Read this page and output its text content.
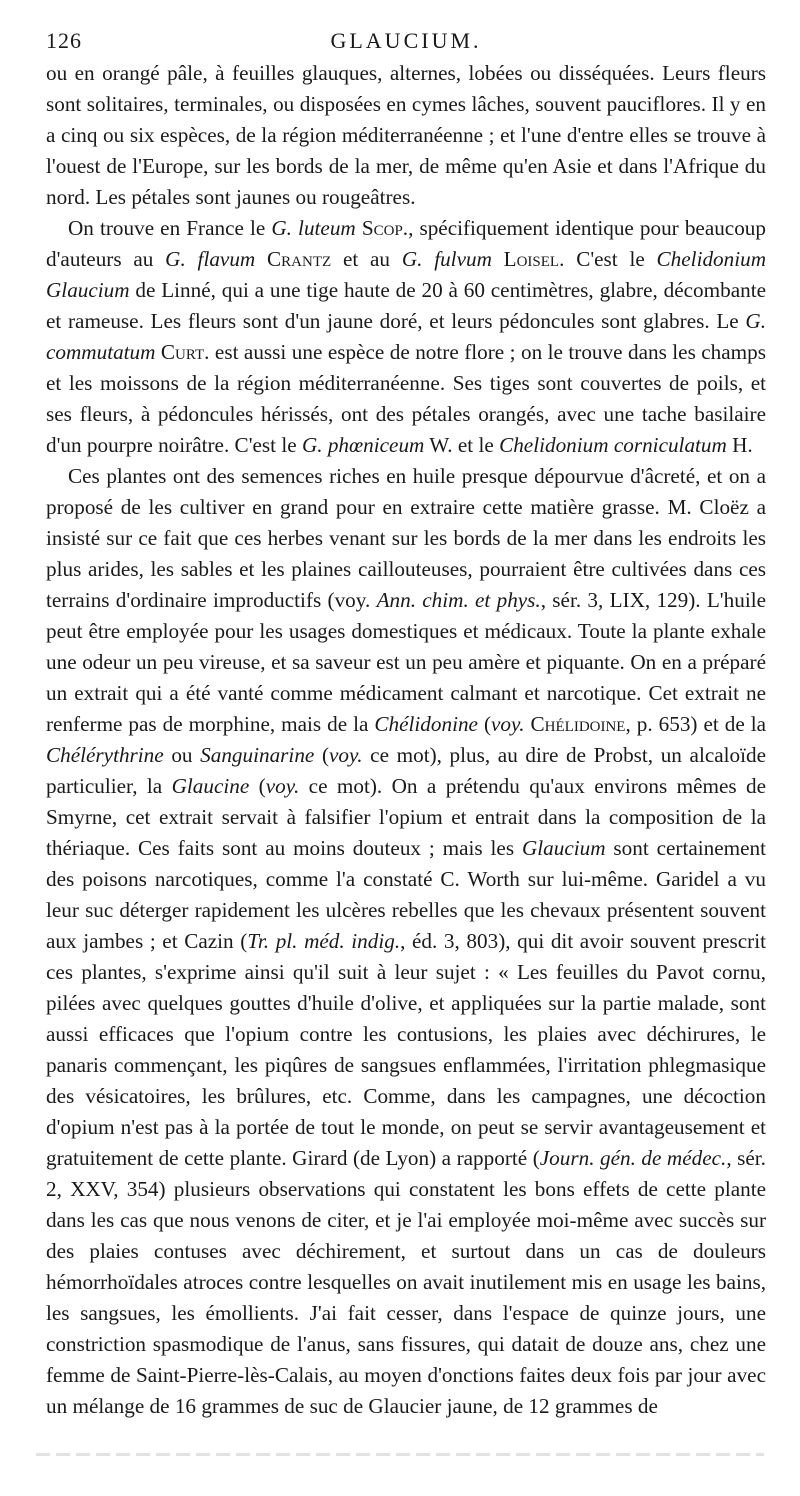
126	GLAUCIUM.

ou en orangé pâle, à feuilles glauques, alternes, lobées ou disséquées. Leurs fleurs sont solitaires, terminales, ou disposées en cymes lâches, souvent pauciflores. Il y en a cinq ou six espèces, de la région méditerranéenne ; et l'une d'entre elles se trouve à l'ouest de l'Europe, sur les bords de la mer, de même qu'en Asie et dans l'Afrique du nord. Les pétales sont jaunes ou rougeâtres.

On trouve en France le G. luteum Scop., spécifiquement identique pour beaucoup d'auteurs au G. flavum Crantz et au G. fulvum Loisel. C'est le Chelidonium Glaucium de Linné, qui a une tige haute de 20 à 60 centimètres, glabre, décombante et rameuse. Les fleurs sont d'un jaune doré, et leurs pédoncules sont glabres. Le G. commutatum Curt. est aussi une espèce de notre flore ; on le trouve dans les champs et les moissons de la région méditerranéenne. Ses tiges sont couvertes de poils, et ses fleurs, à pédoncules hérissés, ont des pétales orangés, avec une tache basilaire d'un pourpre noirâtre. C'est le G. phœniceum W. et le Chelidonium corniculatum H.

Ces plantes ont des semences riches en huile presque dépourvue d'âcreté, et on a proposé de les cultiver en grand pour en extraire cette matière grasse. M. Cloëz a insisté sur ce fait que ces herbes venant sur les bords de la mer dans les endroits les plus arides, les sables et les plaines caillouteuses, pourraient être cultivées dans ces terrains d'ordinaire improductifs (voy. Ann. chim. et phys., sér. 3, LIX, 129). L'huile peut être employée pour les usages domestiques et médicaux. Toute la plante exhale une odeur un peu vireuse, et sa saveur est un peu amère et piquante. On en a préparé un extrait qui a été vanté comme médicament calmant et narcotique. Cet extrait ne renferme pas de morphine, mais de la Chélidonine (voy. Chélidoine, p. 653) et de la Chélérythrine ou Sanguinarine (voy. ce mot), plus, au dire de Probst, un alcaloïde particulier, la Glaucine (voy. ce mot). On a prétendu qu'aux environs mêmes de Smyrne, cet extrait servait à falsifier l'opium et entrait dans la composition de la thériaque. Ces faits sont au moins douteux ; mais les Glaucium sont certainement des poisons narcotiques, comme l'a constaté C. Worth sur lui-même. Garidel a vu leur suc déterger rapidement les ulcères rebelles que les chevaux présentent souvent aux jambes ; et Cazin (Tr. pl. méd. indig., éd. 3, 803), qui dit avoir souvent prescrit ces plantes, s'exprime ainsi qu'il suit à leur sujet : « Les feuilles du Pavot cornu, pilées avec quelques gouttes d'huile d'olive, et appliquées sur la partie malade, sont aussi efficaces que l'opium contre les contusions, les plaies avec déchirures, le panaris commençant, les piqûres de sangsues enflammées, l'irritation phlegmasique des vésicatoires, les brûlures, etc. Comme, dans les campagnes, une décoction d'opium n'est pas à la portée de tout le monde, on peut se servir avantageusement et gratuitement de cette plante. Girard (de Lyon) a rapporté (Journ. gén. de médec., sér. 2, XXV, 354) plusieurs observations qui constatent les bons effets de cette plante dans les cas que nous venons de citer, et je l'ai employée moi-même avec succès sur des plaies contuses avec déchirement, et surtout dans un cas de douleurs hémorrhoïdales atroces contre lesquelles on avait inutilement mis en usage les bains, les sangsues, les émollients. J'ai fait cesser, dans l'espace de quinze jours, une constriction spasmodique de l'anus, sans fissures, qui datait de douze ans, chez une femme de Saint-Pierre-lès-Calais, au moyen d'onctions faites deux fois par jour avec un mélange de 16 grammes de suc de Glaucier jaune, de 12 grammes de
